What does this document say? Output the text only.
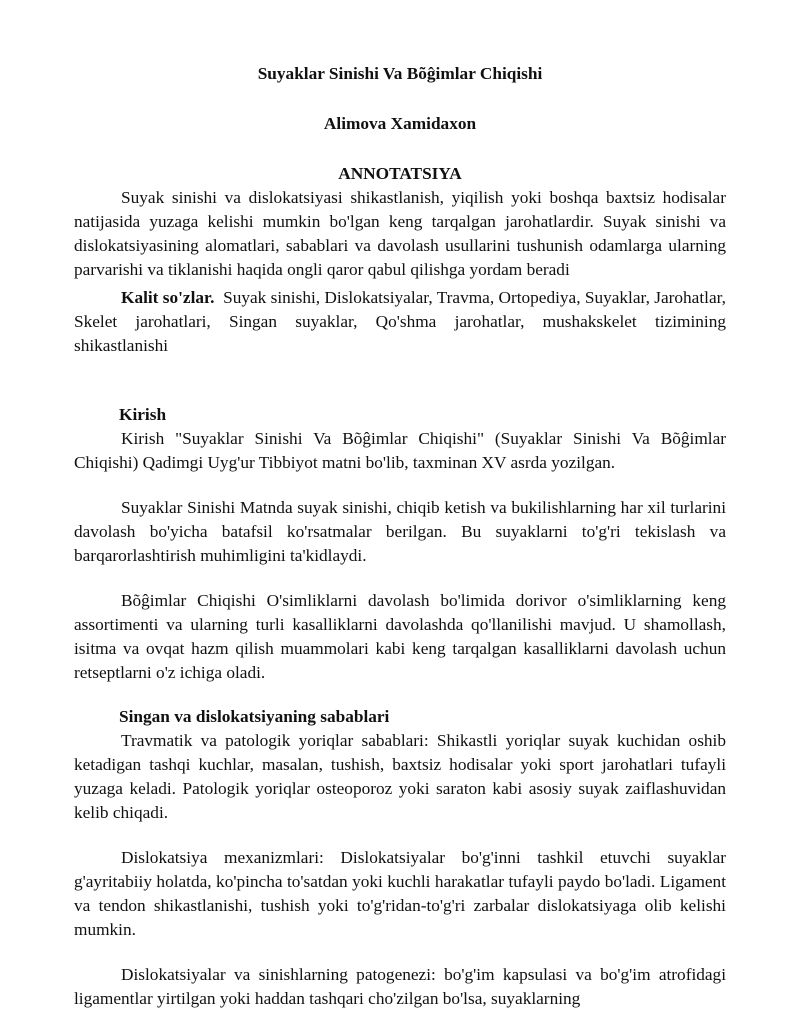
Suyaklar Sinishi Va Bõĝimlar Chiqishi
Alimova Xamidaxon
ANNOTATSIYA

Suyak sinishi va dislokatsiyasi shikastlanish, yiqilish yoki boshqa baxtsiz hodisalar natijasida yuzaga kelishi mumkin bo'lgan keng tarqalgan jarohatlardir. Suyak sinishi va dislokatsiyasining alomatlari, sabablari va davolash usullarini tushunish odamlarga ularning parvarishi va tiklanishi haqida ongli qaror qabul qilishga yordam beradi

Kalit so'zlar. Suyak sinishi, Dislokatsiyalar, Travma, Ortopediya, Suyaklar, Jarohatlar, Skelet jarohatlari, Singan suyaklar, Qo'shma jarohatlar, mushakskelet tizimining shikastlanishi

Kirish

Kirish "Suyaklar Sinishi Va Bõĝimlar Chiqishi" (Suyaklar Sinishi Va Bõĝimlar Chiqishi) Qadimgi Uyg'ur Tibbiyot matni bo'lib, taxminan XV asrda yozilgan.

Suyaklar Sinishi Matnda suyak sinishi, chiqib ketish va bukilishlarning har xil turlarini davolash bo'yicha batafsil ko'rsatmalar berilgan. Bu suyaklarni to'g'ri tekislash va barqarorlashtirish muhimligini ta'kidlaydi.

Bõĝimlar Chiqishi O'simliklarni davolash bo'limida dorivor o'simliklarning keng assortimenti va ularning turli kasalliklarni davolashda qo'llanilishi mavjud. U shamollash, isitma va ovqat hazm qilish muammolari kabi keng tarqalgan kasalliklarni davolash uchun retseptlarni o'z ichiga oladi.

Singan va dislokatsiyaning sabablari

Travmatik va patologik yoriqlar sabablari: Shikastli yoriqlar suyak kuchidan oshib ketadigan tashqi kuchlar, masalan, tushish, baxtsiz hodisalar yoki sport jarohatlari tufayli yuzaga keladi. Patologik yoriqlar osteoporoz yoki saraton kabi asosiy suyak zaiflashuvidan kelib chiqadi.

Dislokatsiya mexanizmlari: Dislokatsiyalar bo'g'inni tashkil etuvchi suyaklar g'ayritabiiy holatda, ko'pincha to'satdan yoki kuchli harakatlar tufayli paydo bo'ladi. Ligament va tendon shikastlanishi, tushish yoki to'g'ridan-to'g'ri zarbalar dislokatsiyaga olib kelishi mumkin.

Dislokatsiyalar va sinishlarning patogenezi: bo'g'im kapsulasi va bo'g'im atrofidagi ligamentlar yirtilgan yoki haddan tashqari cho'zilgan bo'lsa, suyaklarning
